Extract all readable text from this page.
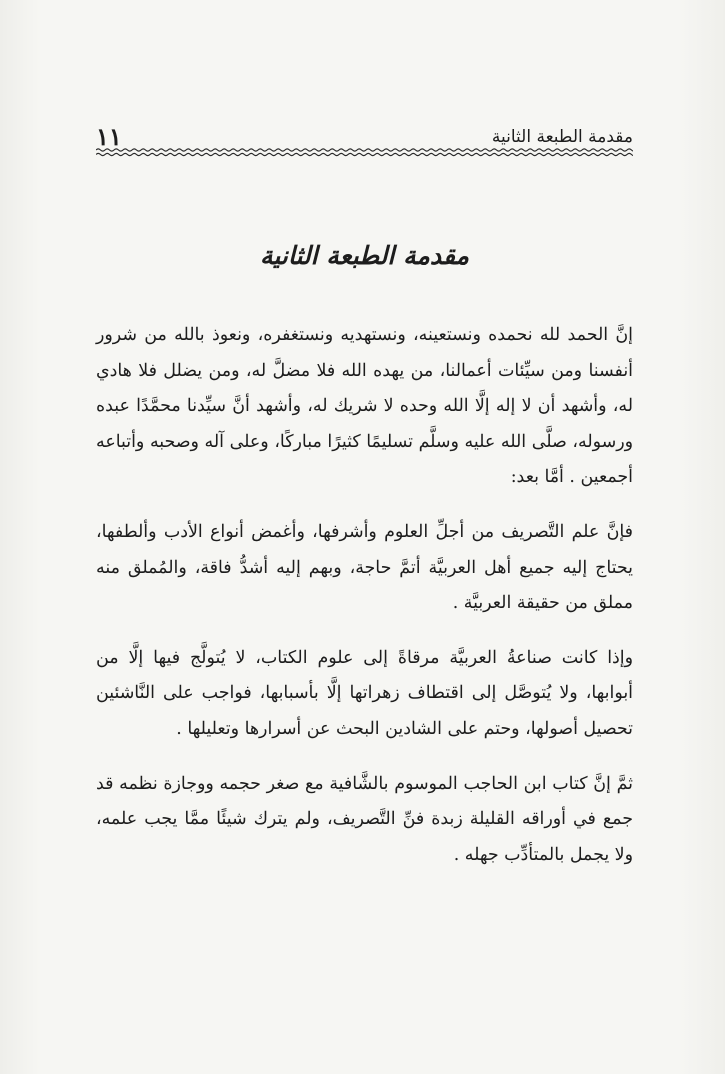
١١	مقدمة الطبعة الثانية
مقدمة الطبعة الثانية

إنَّ الحمد لله نحمده ونستعينه، ونستهديه ونستغفره، ونعوذ بالله من شرور أنفسنا ومن سيِّئات أعمالنا، من يهده الله فلا مضلَّ له، ومن يضلل فلا هادي له، وأشهد أن لا إله إلَّا الله وحده لا شريك له، وأشهد أنَّ سيِّدنا محمَّدًا عبده ورسوله، صلَّى الله عليه وسلَّم تسليمًا كثيرًا مباركًا، وعلى آله وصحبه وأتباعه أجمعين . أمَّا بعد:

فإنَّ علم التَّصريف من أجلِّ العلوم وأشرفها، وأغمض أنواع الأدب وألطفها، يحتاج إليه جميع أهل العربيَّة أتمَّ حاجة، وبهم إليه أشدُّ فاقة، والمُملق منه مملق من حقيقة العربيَّة .

وإذا كانت صناعةُ العربيَّة مرقاةً إلى علوم الكتاب، لا يُتولَّج فيها إلَّا من أبوابها، ولا يُتوصَّل إلى اقتطاف زهراتها إلَّا بأسبابها، فواجب على النَّاشئين تحصيل أصولها، وحتم على الشادين البحث عن أسرارها وتعليلها .

ثمَّ إنَّ كتاب ابن الحاجب الموسوم بالشَّافية مع صغر حجمه ووجازة نظمه قد جمع في أوراقه القليلة زبدة فنِّ التَّصريف، ولم يترك شيئًا ممَّا يجب علمه، ولا يجمل بالمتأدِّب جهله .
